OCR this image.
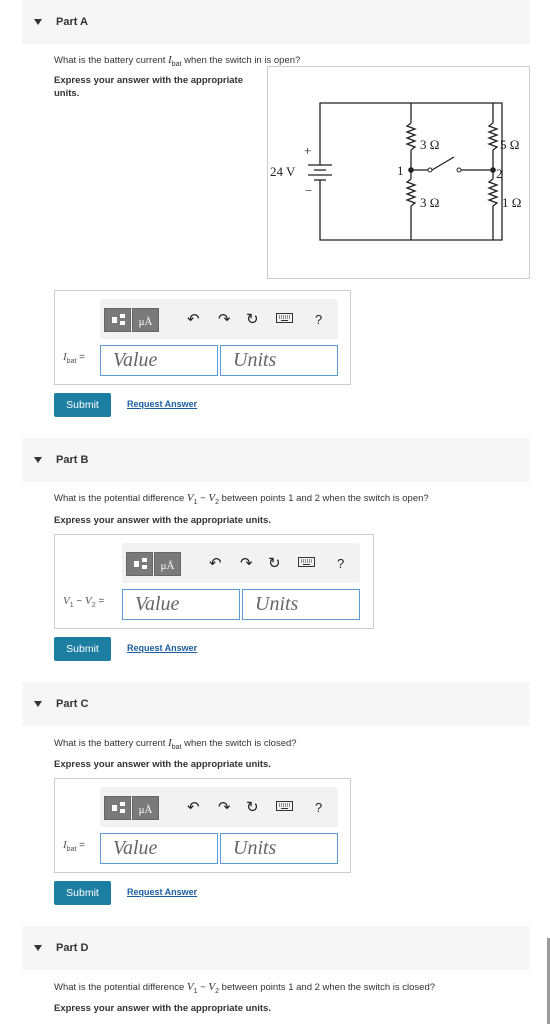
Part A
What is the battery current $I_{bat}$ when the switch in is open?
Express your answer with the appropriate units.
24 V
+
−
3 Ω
3 Ω
5 Ω
1 Ω
1	2
μÅ	↶ ↷ ↻	?
$I_{bat}$ =	Value	Units
Submit	Request Answer
Part B
What is the potential difference $V_1 - V_2$ between points 1 and 2 when the switch is open?
Express your answer with the appropriate units.
μÅ	↶ ↷ ↻	?
$V_1 - V_2$ =	Value	Units
Submit	Request Answer
Part C
What is the battery current $I_{bat}$ when the switch is closed?
Express your answer with the appropriate units.
μÅ	↶ ↷ ↻	?
$I_{bat}$ =	Value	Units
Submit	Request Answer
Part D
What is the potential difference $V_1 - V_2$ between points 1 and 2 when the switch is closed?
Express your answer with the appropriate units.
